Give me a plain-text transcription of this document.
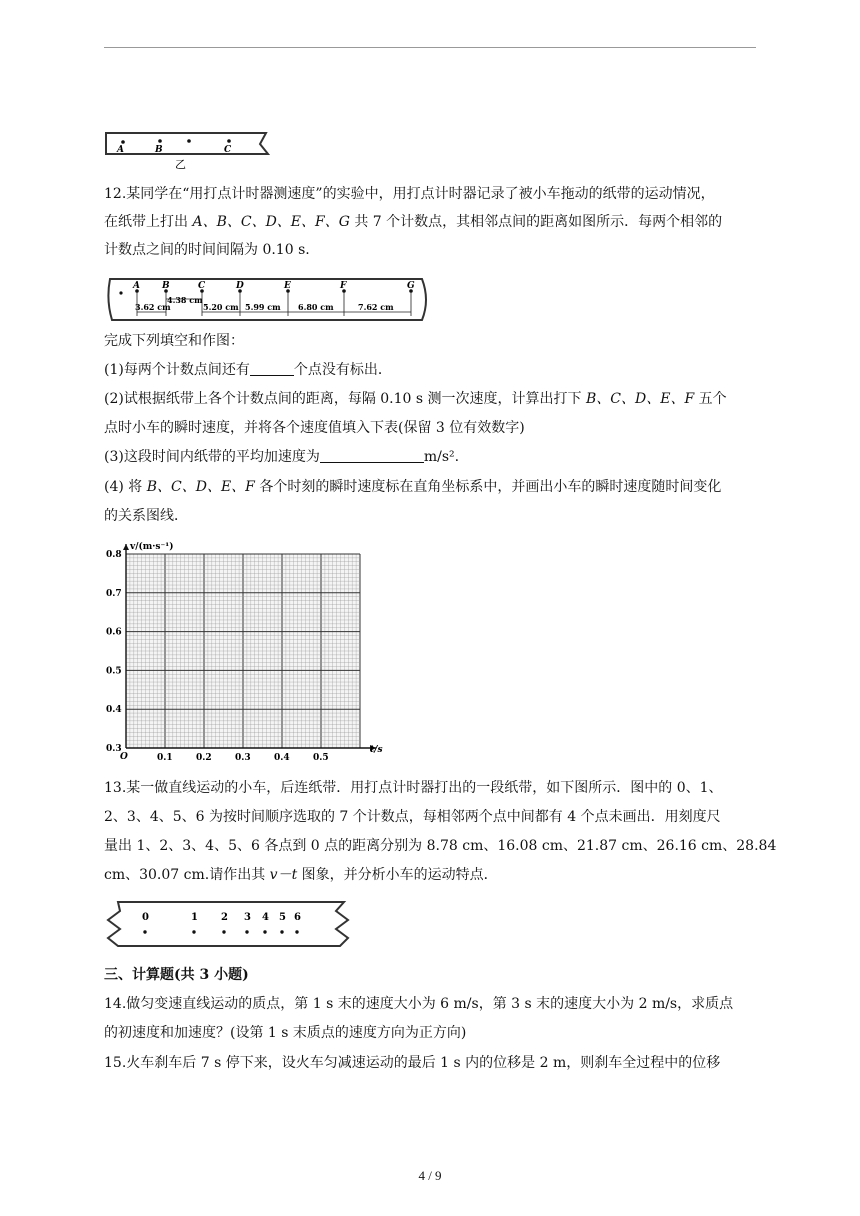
A	B	C
乙
12.某同学在“用打点计时器测速度”的实验中，用打点计时器记录了被小车拖动的纸带的运动情况，
在纸带上打出 A、B、C、D、E、F、G 共 7 个计数点，其相邻点间的距离如图所示．每两个相邻的
计数点之间的时间间隔为 0.10 s.
A B	C	D	E	F	G
3.62 cm
4.38 cm
5.20 cm 5.99 cm 6.80 cm	7.62 cm
完成下列填空和作图：
(1)每两个计数点间还有	个点没有标出．
(2)试根据纸带上各个计数点间的距离，每隔 0.10 s 测一次速度，计算出打下 B、C、D、E、F 五个
点时小车的瞬时速度，并将各个速度值填入下表(保留 3 位有效数字)
(3)这段时间内纸带的平均加速度为	m/s².
(4) 将 B、C、D、E、F 各个时刻的瞬时速度标在直角坐标系中，并画出小车的瞬时速度随时间变化
的关系图线．
v/(m·s⁻¹)
t/s
O	0.1	0.2	0.3	0.4	0.5
0.3
0.4
0.5
0.6
0.7
0.8
13.某一做直线运动的小车，后连纸带．用打点计时器打出的一段纸带，如下图所示．图中的 0、1、
2、3、4、5、6 为按时间顺序选取的 7 个计数点，每相邻两个点中间都有 4 个点未画出．用刻度尺
量出 1、2、3、4、5、6 各点到 0 点的距离分别为 8.78 cm、16.08 cm、21.87 cm、26.16 cm、28.84
cm、30.07 cm.请作出其 v－t 图象，并分析小车的运动特点．
0	1 2 3 4 5 6
三、计算题(共 3 小题)
14.做匀变速直线运动的质点，第 1 s 末的速度大小为 6 m/s，第 3 s 末的速度大小为 2 m/s，求质点
的初速度和加速度？(设第 1 s 末质点的速度方向为正方向)
15.火车刹车后 7 s 停下来，设火车匀减速运动的最后 1 s 内的位移是 2 m，则刹车全过程中的位移
4 / 9
